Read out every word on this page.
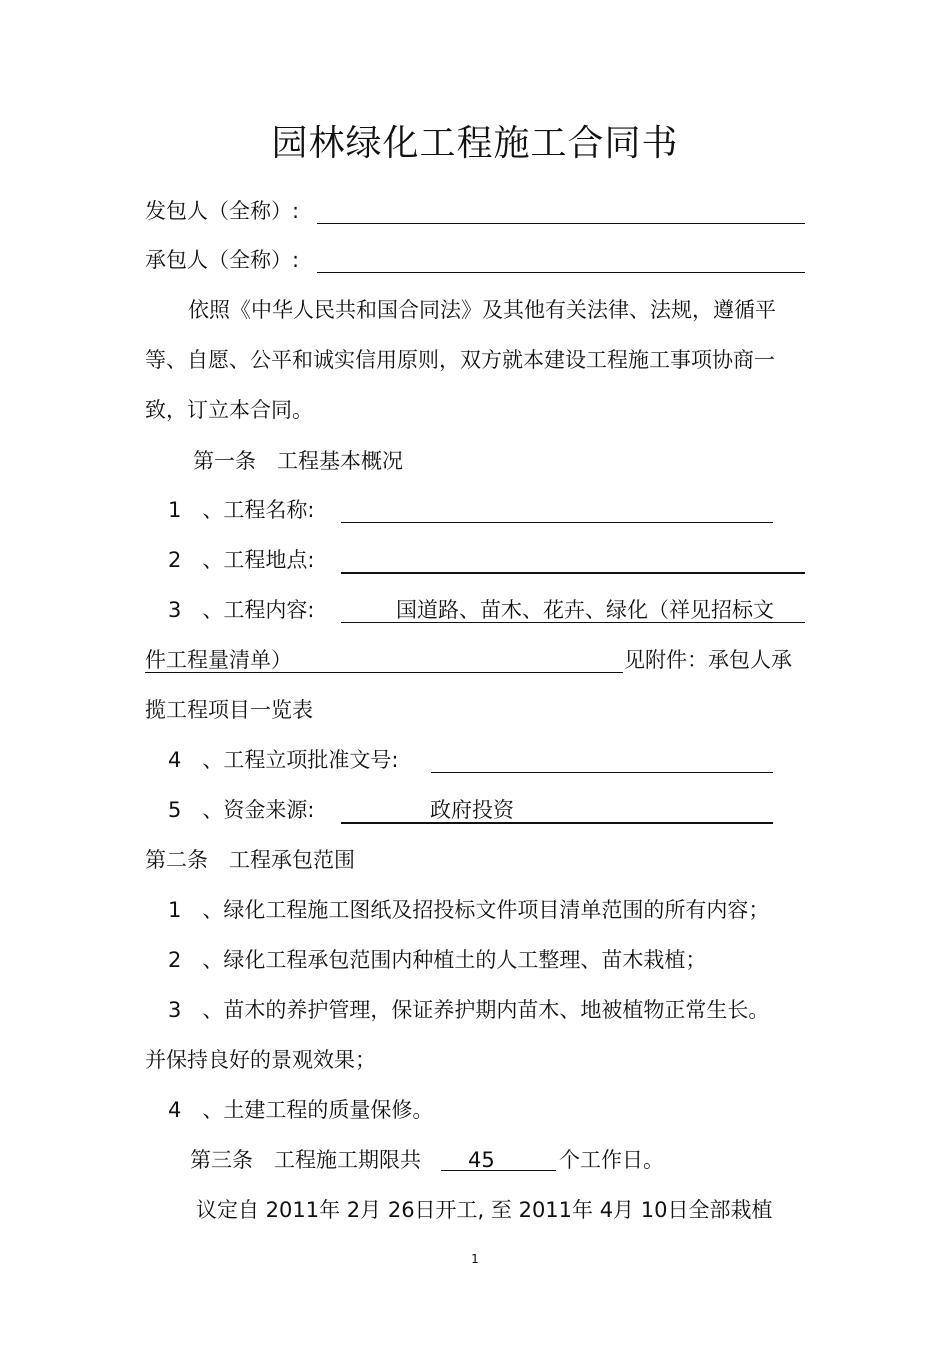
园林绿化工程施工合同书
发包人（全称）:
承包人（全称）:
依照《中华人民共和国合同法》及其他有关法律、法规，遵循平等、自愿、公平和诚实信用原则，双方就本建设工程施工事项协商一致，订立本合同。
第一条　工程基本概况
1　、工程名称:
2　、工程地点:
3　、工程内容:	国道路、苗木、花卉、绿化（祥见招标文
件工程量清单）	见附件：承包人承
揽工程项目一览表
4　、工程立项批准文号:
5　、资金来源:	政府投资
第二条　工程承包范围
1　、绿化工程施工图纸及招投标文件项目清单范围的所有内容；
2　、绿化工程承包范围内种植土的人工整理、苗木栽植；
3　、苗木的养护管理，保证养护期内苗木、地被植物正常生长。
并保持良好的景观效果；
4　、土建工程的质量保修。
第三条　工程施工期限共 45	个工作日。
议定自 2011年 2月 26日开工, 至 2011年 4月 10日全部栽植
1
